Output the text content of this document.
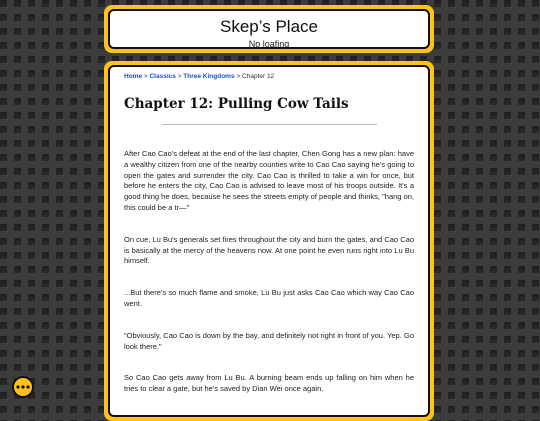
Skep’s Place
No loafing
Home > Classics > Three Kingdoms > Chapter 12
Chapter 12: Pulling Cow Tails

After Cao Cao's defeat at the end of the last chapter, Chen Gong has a new plan: have a wealthy citizen from one of the nearby counties write to Cao Cao saying he's going to open the gates and surrender the city. Cao Cao is thrilled to take a win for once, but before he enters the city, Cao Cao is advised to leave most of his troops outside. It's a good thing he does, because he sees the streets empty of people and thinks, "hang on, this could be a tr—"

On cue, Lu Bu's generals set fires throughout the city and burn the gates, and Cao Cao is basically at the mercy of the heavens now. At one point he even runs right into Lu Bu himself.

...But there's so much flame and smoke, Lu Bu just asks Cao Cao which way Cao Cao went.

"Obviously, Cao Cao is down by the bay, and definitely not right in front of you. Yep. Go look there."

So Cao Cao gets away from Lu Bu. A burning beam ends up falling on him when he tries to clear a gate, but he's saved by Dian Wei once again.
